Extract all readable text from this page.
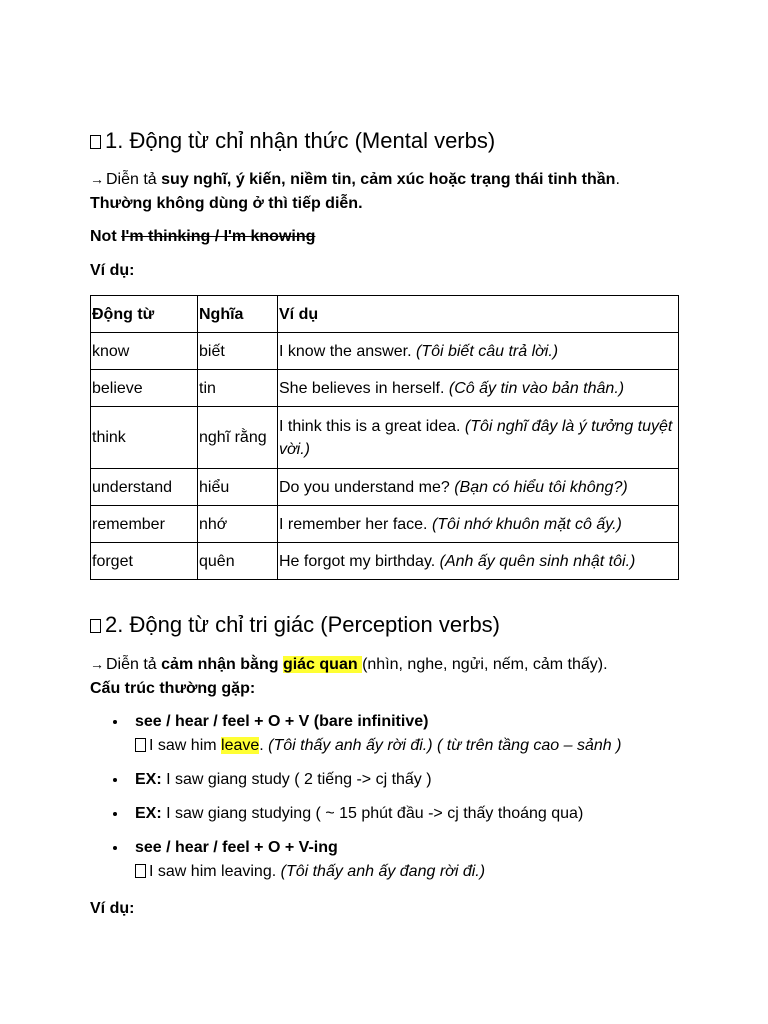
1. Động từ chỉ nhận thức (Mental verbs)

→ Diễn tả suy nghĩ, ý kiến, niềm tin, cảm xúc hoặc trạng thái tinh thần.
Thường không dùng ở thì tiếp diễn.

Not I'm thinking / I'm knowing

Ví dụ:

Động từ	Nghĩa	Ví dụ
know	biết	I know the answer. (Tôi biết câu trả lời.)
believe	tin	She believes in herself. (Cô ấy tin vào bản thân.)
think	nghĩ rằng	I think this is a great idea. (Tôi nghĩ đây là ý tưởng tuyệt vời.)
understand	hiểu	Do you understand me? (Bạn có hiểu tôi không?)
remember	nhớ	I remember her face. (Tôi nhớ khuôn mặt cô ấy.)
forget	quên	He forgot my birthday. (Anh ấy quên sinh nhật tôi.)
2. Động từ chỉ tri giác (Perception verbs)

→ Diễn tả cảm nhận bằng giác quan (nhìn, nghe, ngửi, nếm, cảm thấy).
Cấu trúc thường gặp:

see / hear / feel + O + V (bare infinitive)
I saw him leave. (Tôi thấy anh ấy rời đi.) ( từ trên tầng cao – sảnh )
EX: I saw giang study ( 2 tiếng -> cj thấy )
EX: I saw giang studying ( ~ 15 phút đầu -> cj thấy thoáng qua)
see / hear / feel + O + V-ing
I saw him leaving. (Tôi thấy anh ấy đang rời đi.)

Ví dụ:
